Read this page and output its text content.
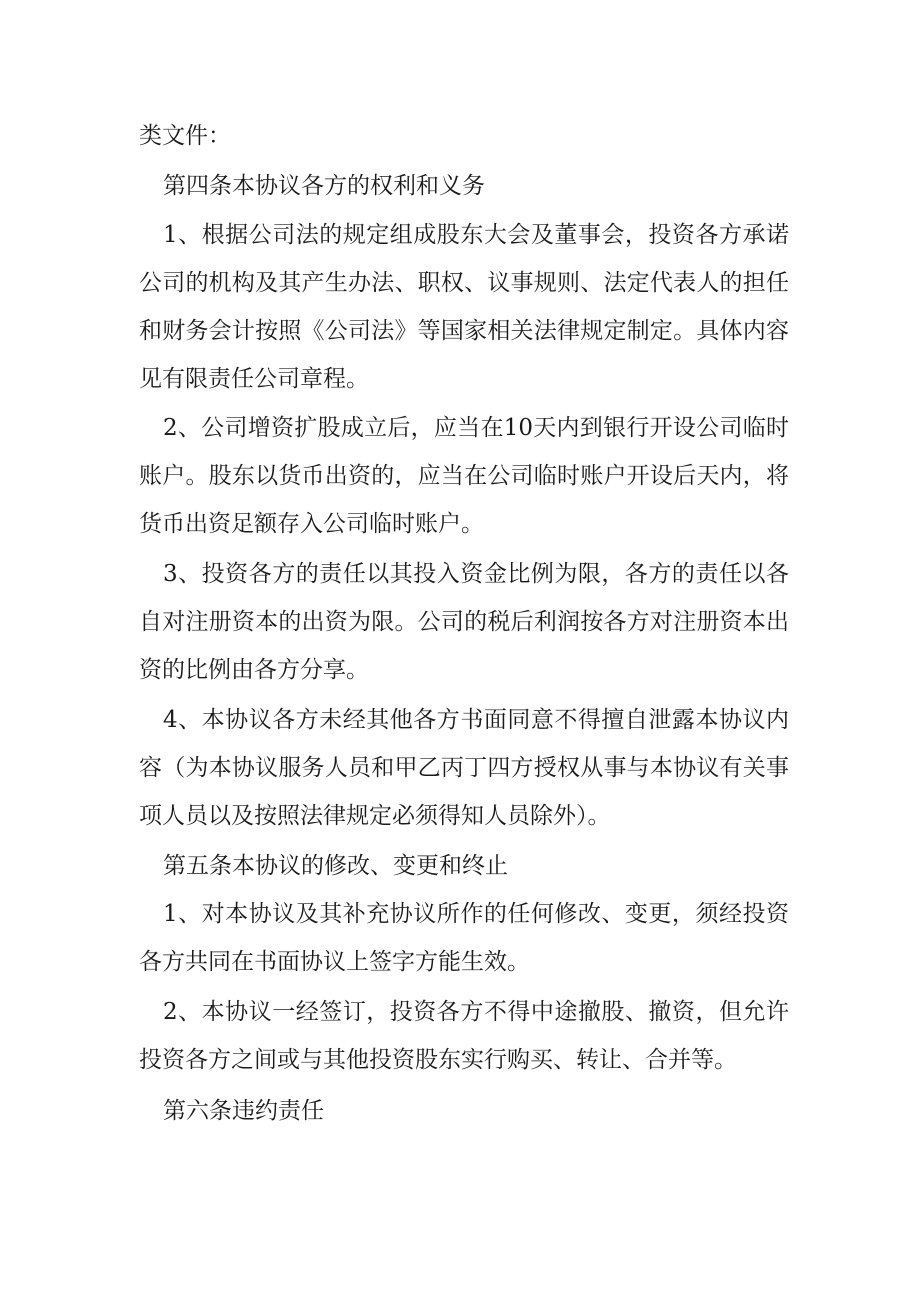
类文件：
第四条本协议各方的权利和义务
1、根据公司法的规定组成股东大会及董事会，投资各方承诺
公司的机构及其产生办法、职权、议事规则、法定代表人的担任
和财务会计按照《公司法》等国家相关法律规定制定。具体内容
见有限责任公司章程。
2、公司增资扩股成立后，应当在10天内到银行开设公司临时
账户。股东以货币出资的，应当在公司临时账户开设后天内，将
货币出资足额存入公司临时账户。
3、投资各方的责任以其投入资金比例为限，各方的责任以各
自对注册资本的出资为限。公司的税后利润按各方对注册资本出
资的比例由各方分享。
4、本协议各方未经其他各方书面同意不得擅自泄露本协议内
容（为本协议服务人员和甲乙丙丁四方授权从事与本协议有关事
项人员以及按照法律规定必须得知人员除外）。
第五条本协议的修改、变更和终止
1、对本协议及其补充协议所作的任何修改、变更，须经投资
各方共同在书面协议上签字方能生效。
2、本协议一经签订，投资各方不得中途撤股、撤资，但允许
投资各方之间或与其他投资股东实行购买、转让、合并等。
第六条违约责任
